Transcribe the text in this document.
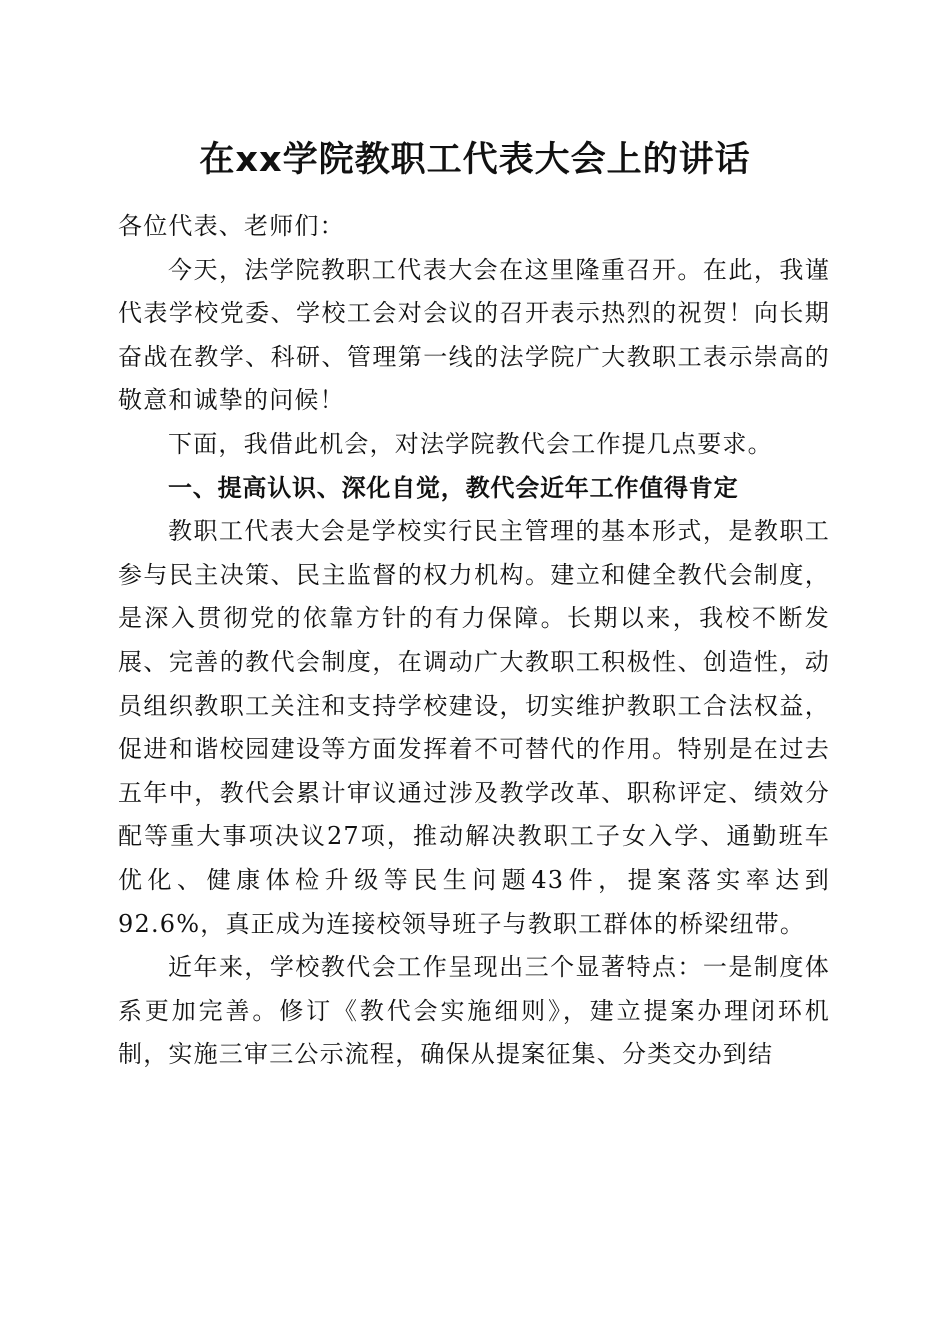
在xx学院教职工代表大会上的讲话

各位代表、老师们：

今天，法学院教职工代表大会在这里隆重召开。在此，我谨代表学校党委、学校工会对会议的召开表示热烈的祝贺！向长期奋战在教学、科研、管理第一线的法学院广大教职工表示崇高的敬意和诚挚的问候！

下面，我借此机会，对法学院教代会工作提几点要求。

一、提高认识、深化自觉，教代会近年工作值得肯定

教职工代表大会是学校实行民主管理的基本形式，是教职工参与民主决策、民主监督的权力机构。建立和健全教代会制度，是深入贯彻党的依靠方针的有力保障。长期以来，我校不断发展、完善的教代会制度，在调动广大教职工积极性、创造性，动员组织教职工关注和支持学校建设，切实维护教职工合法权益，促进和谐校园建设等方面发挥着不可替代的作用。特别是在过去五年中，教代会累计审议通过涉及教学改革、职称评定、绩效分配等重大事项决议27项，推动解决教职工子女入学、通勤班车优化、健康体检升级等民生问题43件，提案落实率达到92.6%，真正成为连接校领导班子与教职工群体的桥梁纽带。

近年来，学校教代会工作呈现出三个显著特点：一是制度体系更加完善。修订《教代会实施细则》，建立提案办理闭环机制，实施三审三公示流程，确保从提案征集、分类交办到结
